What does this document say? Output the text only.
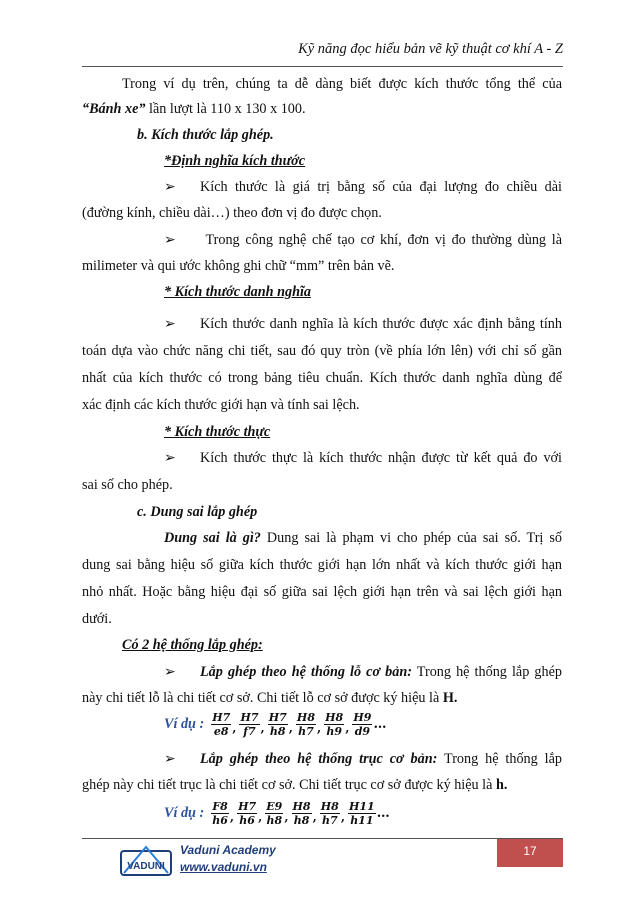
Kỹ năng đọc hiểu bản vẽ kỹ thuật cơ khí A - Z
Trong ví dụ trên, chúng ta dễ dàng biết được kích thước tổng thể của
“Bánh xe” lần lượt là 110 x 130 x 100.
b. Kích thước lắp ghép.
*Định nghĩa kích thước
➢ Kích thước là giá trị bằng số của đại lượng đo chiều dài
(đường kính, chiều dài…) theo đơn vị đo được chọn.
➢ Trong công nghệ chế tạo cơ khí, đơn vị đo thường dùng là
milimeter và qui ước không ghi chữ “mm” trên bản vẽ.
* Kích thước danh nghĩa
➢ Kích thước danh nghĩa là kích thước được xác định bằng tính
toán dựa vào chức năng chi tiết, sau đó quy tròn (về phía lớn lên) với chỉ số gần
nhất của kích thước có trong bảng tiêu chuẩn. Kích thước danh nghĩa dùng để
xác định các kích thước giới hạn và tính sai lệch.
* Kích thước thực
➢ Kích thước thực là kích thước nhận được từ kết quả đo với
sai số cho phép.
c. Dung sai lắp ghép
Dung sai là gì? Dung sai là phạm vi cho phép của sai số. Trị số
dung sai bằng hiệu số giữa kích thước giới hạn lớn nhất và kích thước giới hạn
nhỏ nhất. Hoặc bằng hiệu đại số giữa sai lệch giới hạn trên và sai lệch giới hạn
dưới.
Có 2 hệ thống lắp ghép:
➢ Lắp ghép theo hệ thống lỗ cơ bản: Trong hệ thống lắp ghép
này chi tiết lỗ là chi tiết cơ sở. Chi tiết lỗ cơ sở được ký hiệu là H.
Ví dụ : $\frac{H7}{e8} _, \frac{H7}{f7} _, \frac{H7}{h8} _, \frac{H8}{h7} _, \frac{H8}{h9} _, \frac{H9}{d9}$ …
➢ Lắp ghép theo hệ thống trục cơ bản: Trong hệ thống lắp
ghép này chi tiết trục là chi tiết cơ sở. Chi tiết trục cơ sở được ký hiệu là h.
Ví dụ : $\frac{F8}{h6} _, \frac{H7}{h6} _, \frac{E9}{h8} _, \frac{H8}{h8} _, \frac{H8}{h7} _, \frac{H11}{h11}$ …
VADUNI
Vaduni Academy
www.vaduni.vn
17
